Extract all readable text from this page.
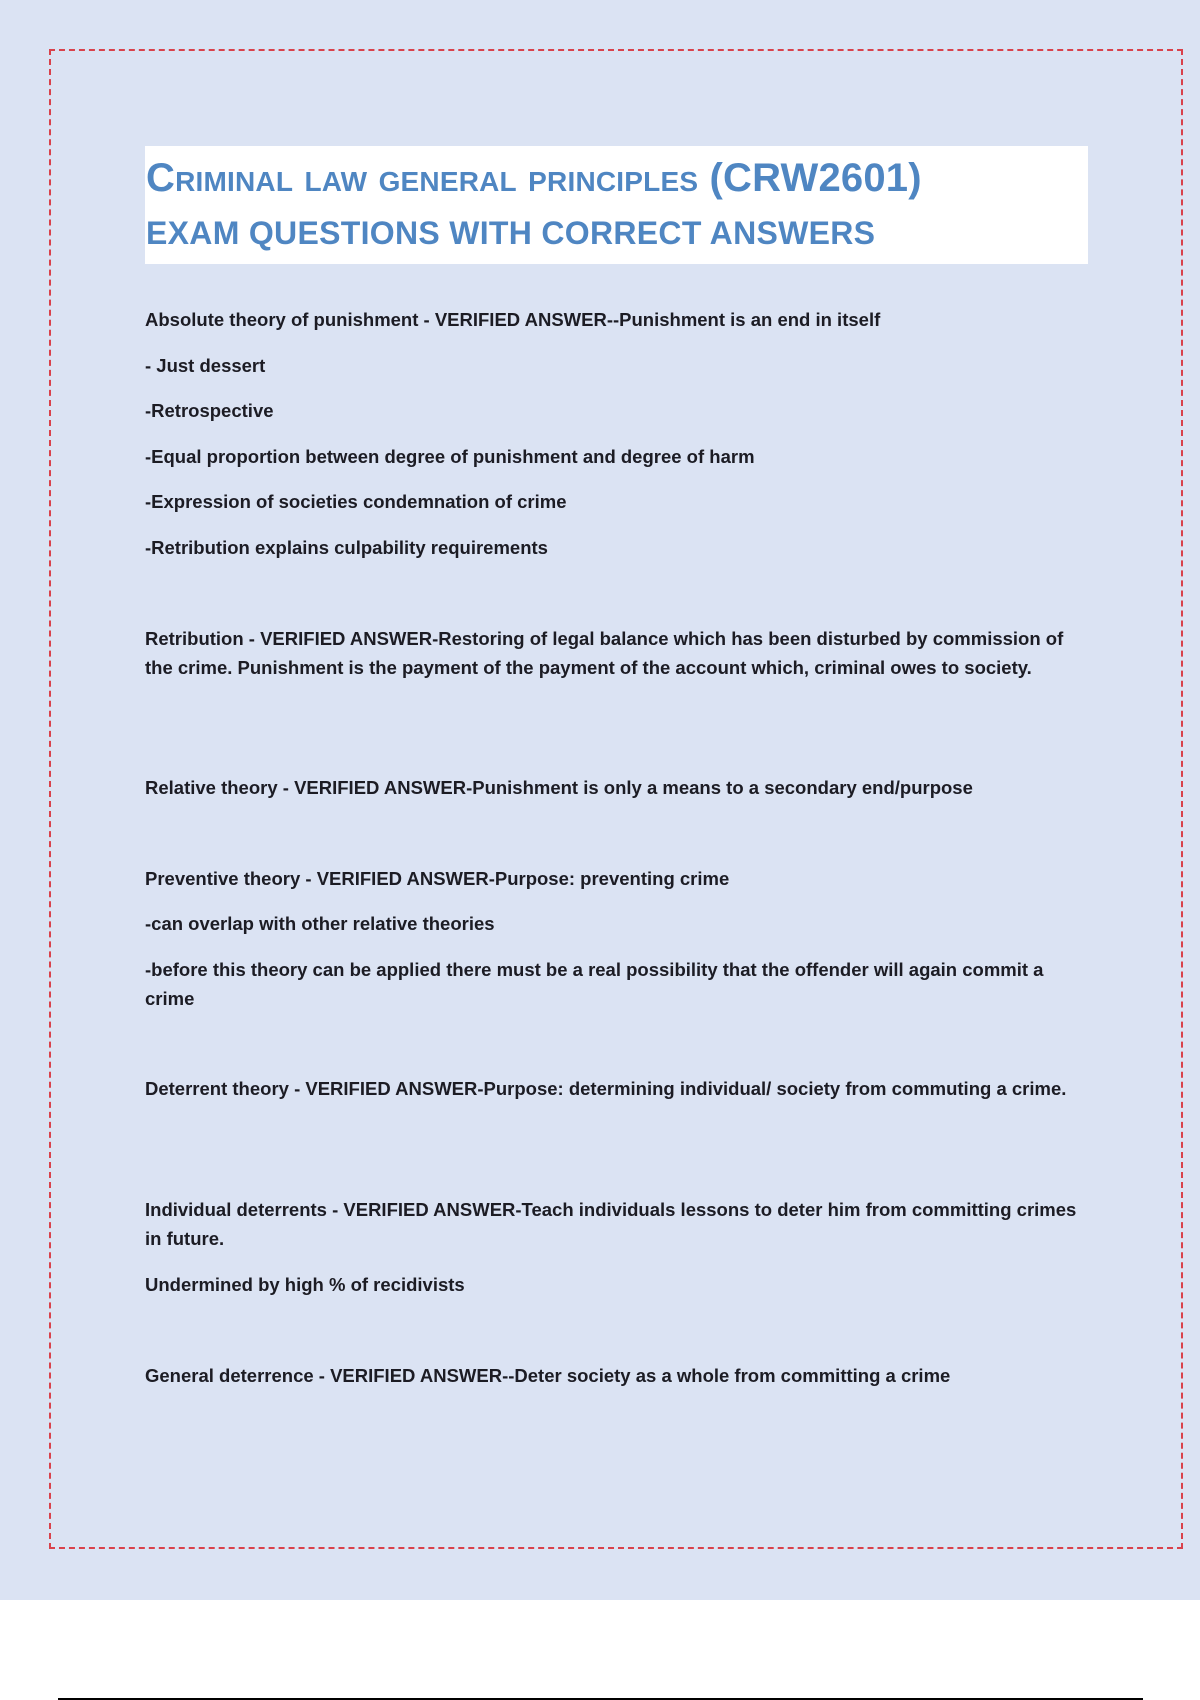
Criminal law general principles (CRW2601)
EXAM QUESTIONS WITH CORRECT ANSWERS

Absolute theory of punishment - VERIFIED ANSWER--Punishment is an end in itself

- Just dessert

-Retrospective

-Equal proportion between degree of punishment and degree of harm

-Expression of societies condemnation of crime

-Retribution explains culpability requirements

Retribution - VERIFIED ANSWER-Restoring of legal balance which has been disturbed by commission of the crime. Punishment is the payment of the payment of the account which, criminal owes to society.

Relative theory - VERIFIED ANSWER-Punishment is only a means to a secondary end/purpose

Preventive theory - VERIFIED ANSWER-Purpose: preventing crime

-can overlap with other relative theories

-before this theory can be applied there must be a real possibility that the offender will again commit a crime

Deterrent theory - VERIFIED ANSWER-Purpose: determining individual/ society from commuting a crime.

Individual deterrents - VERIFIED ANSWER-Teach individuals lessons to deter him from committing crimes in future.

Undermined by high % of recidivists

General deterrence - VERIFIED ANSWER--Deter society as a whole from committing a crime
